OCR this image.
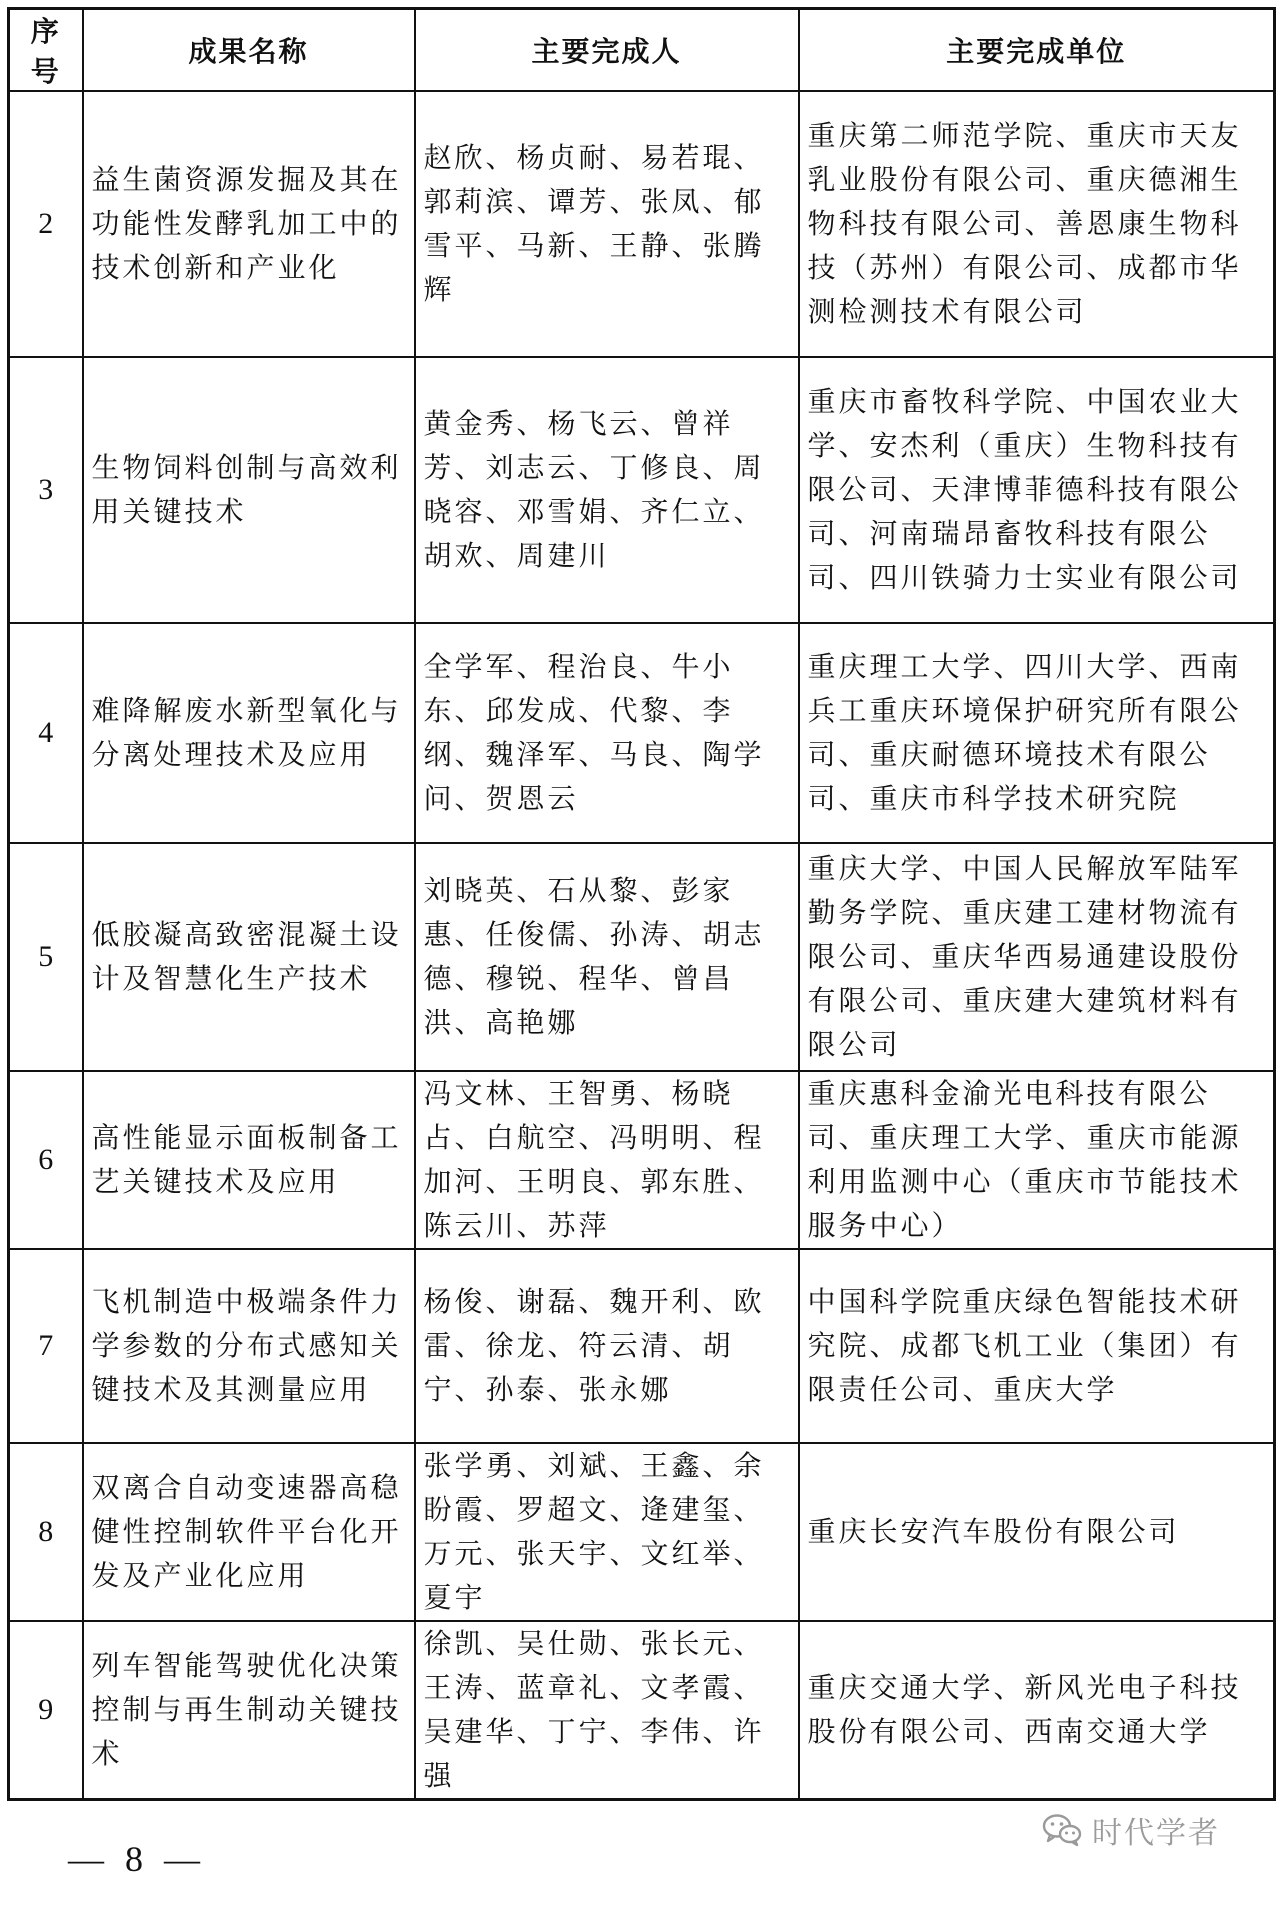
序号	成果名称	主要完成人	主要完成单位
2	益生菌资源发掘及其在功能性发酵乳加工中的技术创新和产业化	赵欣、杨贞耐、易若琨、郭莉滨、谭芳、张凤、郁雪平、马新、王静、张腾辉	重庆第二师范学院、重庆市天友乳业股份有限公司、重庆德湘生物科技有限公司、善恩康生物科技（苏州）有限公司、成都市华测检测技术有限公司
3	生物饲料创制与高效利用关键技术	黄金秀、杨飞云、曾祥芳、刘志云、丁修良、周晓容、邓雪娟、齐仁立、胡欢、周建川	重庆市畜牧科学院、中国农业大学、安杰利（重庆）生物科技有限公司、天津博菲德科技有限公司、河南瑞昂畜牧科技有限公司、四川铁骑力士实业有限公司
4	难降解废水新型氧化与分离处理技术及应用	全学军、程治良、牛小东、邱发成、代黎、李纲、魏泽军、马良、陶学问、贺恩云	重庆理工大学、四川大学、西南兵工重庆环境保护研究所有限公司、重庆耐德环境技术有限公司、重庆市科学技术研究院
5	低胶凝高致密混凝土设计及智慧化生产技术	刘晓英、石从黎、彭家惠、任俊儒、孙涛、胡志德、穆锐、程华、曾昌洪、高艳娜	重庆大学、中国人民解放军陆军勤务学院、重庆建工建材物流有限公司、重庆华西易通建设股份有限公司、重庆建大建筑材料有限公司
6	高性能显示面板制备工艺关键技术及应用	冯文林、王智勇、杨晓占、白航空、冯明明、程加河、王明良、郭东胜、陈云川、苏萍	重庆惠科金渝光电科技有限公司、重庆理工大学、重庆市能源利用监测中心（重庆市节能技术服务中心）
7	飞机制造中极端条件力学参数的分布式感知关键技术及其测量应用	杨俊、谢磊、魏开利、欧雷、徐龙、符云清、胡宁、孙泰、张永娜	中国科学院重庆绿色智能技术研究院、成都飞机工业（集团）有限责任公司、重庆大学
8	双离合自动变速器高稳健性控制软件平台化开发及产业化应用	张学勇、刘斌、王鑫、余盼霞、罗超文、逄建玺、万元、张天宇、文红举、夏宇	重庆长安汽车股份有限公司
9	列车智能驾驶优化决策控制与再生制动关键技术	徐凯、吴仕勋、张长元、王涛、蓝章礼、文孝霞、吴建华、丁宁、李伟、许强	重庆交通大学、新风光电子科技股份有限公司、西南交通大学
— 8 —
时代学者
